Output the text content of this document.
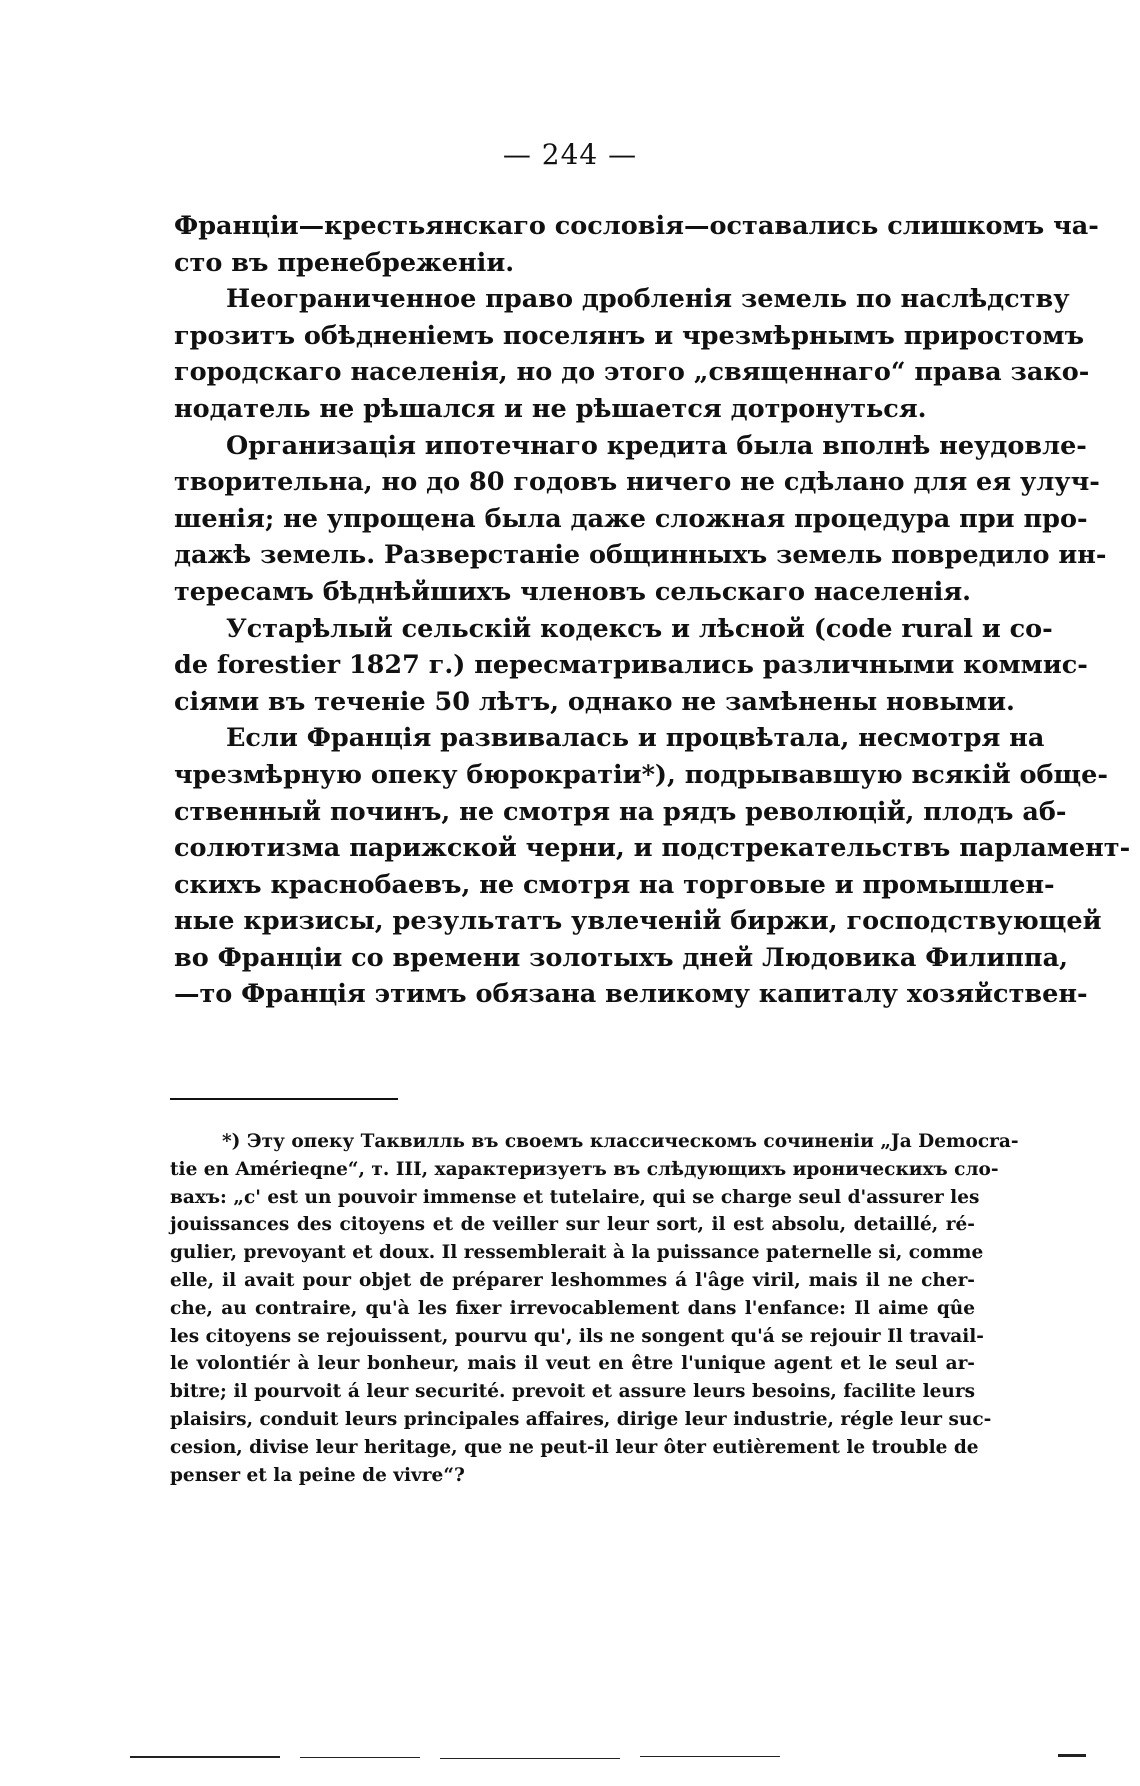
— 244 —
Франціи—крестьянскаго сословія—оставались слишкомъ ча-
сто въ пренебреженіи.
Неограниченное право дробленія земель по наслѣдству
грозитъ обѣдненіемъ поселянъ и чрезмѣрнымъ приростомъ
городскаго населенія, но до этого „священнаго“ права зако-
нодатель не рѣшался и не рѣшается дотронуться.
Организація ипотечнаго кредита была вполнѣ неудовле-
творительна, но до 80 годовъ ничего не сдѣлано для ея улуч-
шенія; не упрощена была даже сложная процедура при про-
дажѣ земель. Разверстаніе общинныхъ земель повредило ин-
тересамъ бѣднѣйшихъ членовъ сельскаго населенія.
Устарѣлый сельскій кодексъ и лѣсной (code rural и co-
de forestier 1827 г.) пересматривались различными коммис-
сіями въ теченіе 50 лѣтъ, однако не замѣнены новыми.
Если Франція развивалась и процвѣтала, несмотря на
чрезмѣрную опеку бюрократіи*), подрывавшую всякій обще-
ственный починъ, не смотря на рядъ революцій, плодъ аб-
солютизма парижской черни, и подстрекательствъ парламент-
скихъ краснобаевъ, не смотря на торговые и промышлен-
ные кризисы, результатъ увлеченій биржи, господствующей
во Франціи со времени золотыхъ дней Людовика Филиппа,
—то Франція этимъ обязана великому капиталу хозяйствен-
*) Эту опеку Таквилль въ своемъ классическомъ сочиненіи „Ja Democra-
tie en Amérieqne“, т. III, характеризуетъ въ слѣдующихъ ироническихъ сло-
вахъ: „c' est un pouvoir immense et tutelaire, qui se charge seul d'assurer les
jouissances des citoyens et de veiller sur leur sort, il est absolu, detaillé, ré-
gulier, prevoyant et doux. Il ressemblerait à la puissance paternelle si, comme
elle, il avait pour objet de préparer leshommes á l'âge viril, mais il ne cher-
che, au contraire, qu'à les fixer irrevocablement dans l'enfance: Il aime qûe
les citoyens se rejouissent, pourvu qu', ils ne songent qu'á se rejouir Il travail-
le volontiér à leur bonheur, mais il veut en être l'unique agent et le seul ar-
bitre; il pourvoit á leur securité. prevoit et assure leurs besoins, facilite leurs
plaisirs, conduit leurs principales affaires, dirige leur industrie, régle leur suc-
cesion, divise leur heritage, que ne peut-il leur ôter eutièrement le trouble de
penser et la peine de vivre“?
